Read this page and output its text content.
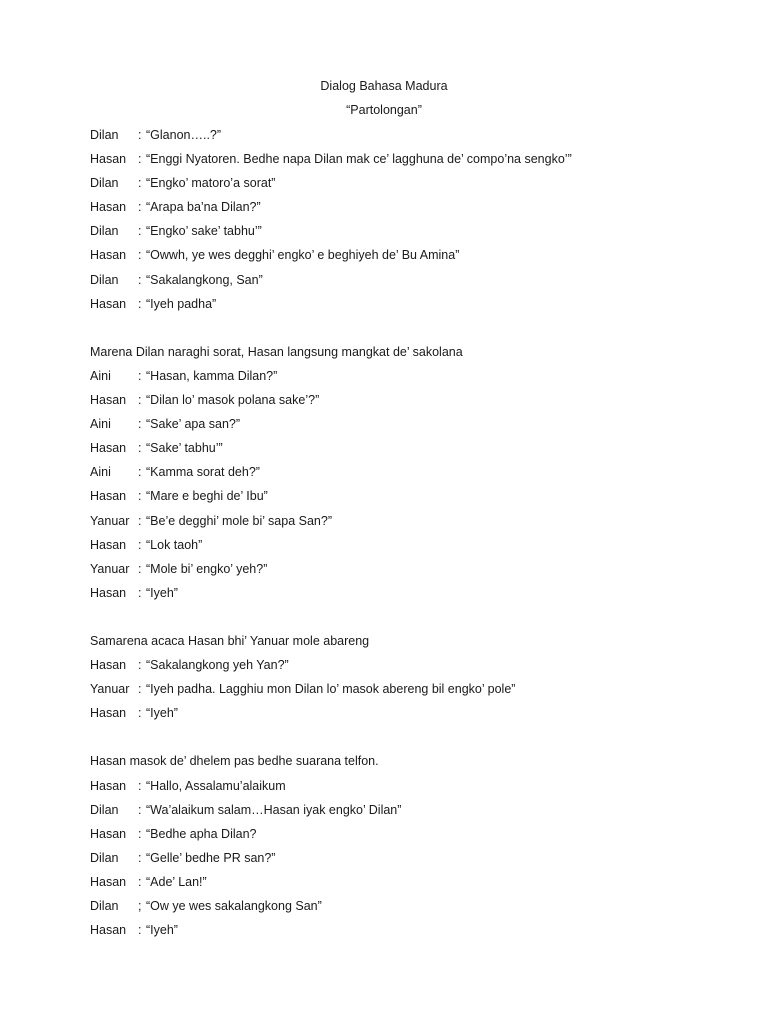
Dialog Bahasa Madura
“Partolongan”
Dilan : “Glanon…..?”
Hasan : “Enggi Nyatoren. Bedhe napa Dilan mak ce’ lagghuna de’ compo’na sengko’”
Dilan : “Engko’ matoro’a sorat”
Hasan : “Arapa ba’na Dilan?”
Dilan : “Engko’ sake’ tabhu’”
Hasan : “Owwh, ye wes degghi’ engko’ e beghiyeh de’ Bu Amina”
Dilan : “Sakalangkong, San”
Hasan : “Iyeh padha”
Marena Dilan naraghi sorat, Hasan langsung mangkat de’ sakolana
Aini : “Hasan, kamma Dilan?”
Hasan : “Dilan lo’ masok polana sake’?”
Aini : “Sake’ apa san?”
Hasan : “Sake’ tabhu’”
Aini : “Kamma sorat deh?”
Hasan : “Mare e beghi de’ Ibu”
Yanuar : “Be’e degghi’ mole bi’ sapa San?”
Hasan : “Lok taoh”
Yanuar : “Mole bi’ engko’ yeh?”
Hasan : “Iyeh”
Samarena acaca Hasan bhi’ Yanuar mole abareng
Hasan : “Sakalangkong yeh Yan?”
Yanuar : “Iyeh padha. Lagghiu mon Dilan lo’ masok abereng bil engko’ pole”
Hasan : “Iyeh”
Hasan masok de’ dhelem pas bedhe suarana telfon.
Hasan : “Hallo, Assalamu’alaikum
Dilan : “Wa’alaikum salam…Hasan iyak engko’ Dilan”
Hasan : “Bedhe apha Dilan?
Dilan : “Gelle’ bedhe PR san?”
Hasan : “Ade’ Lan!”
Dilan ; “Ow ye wes sakalangkong San”
Hasan : “Iyeh”
